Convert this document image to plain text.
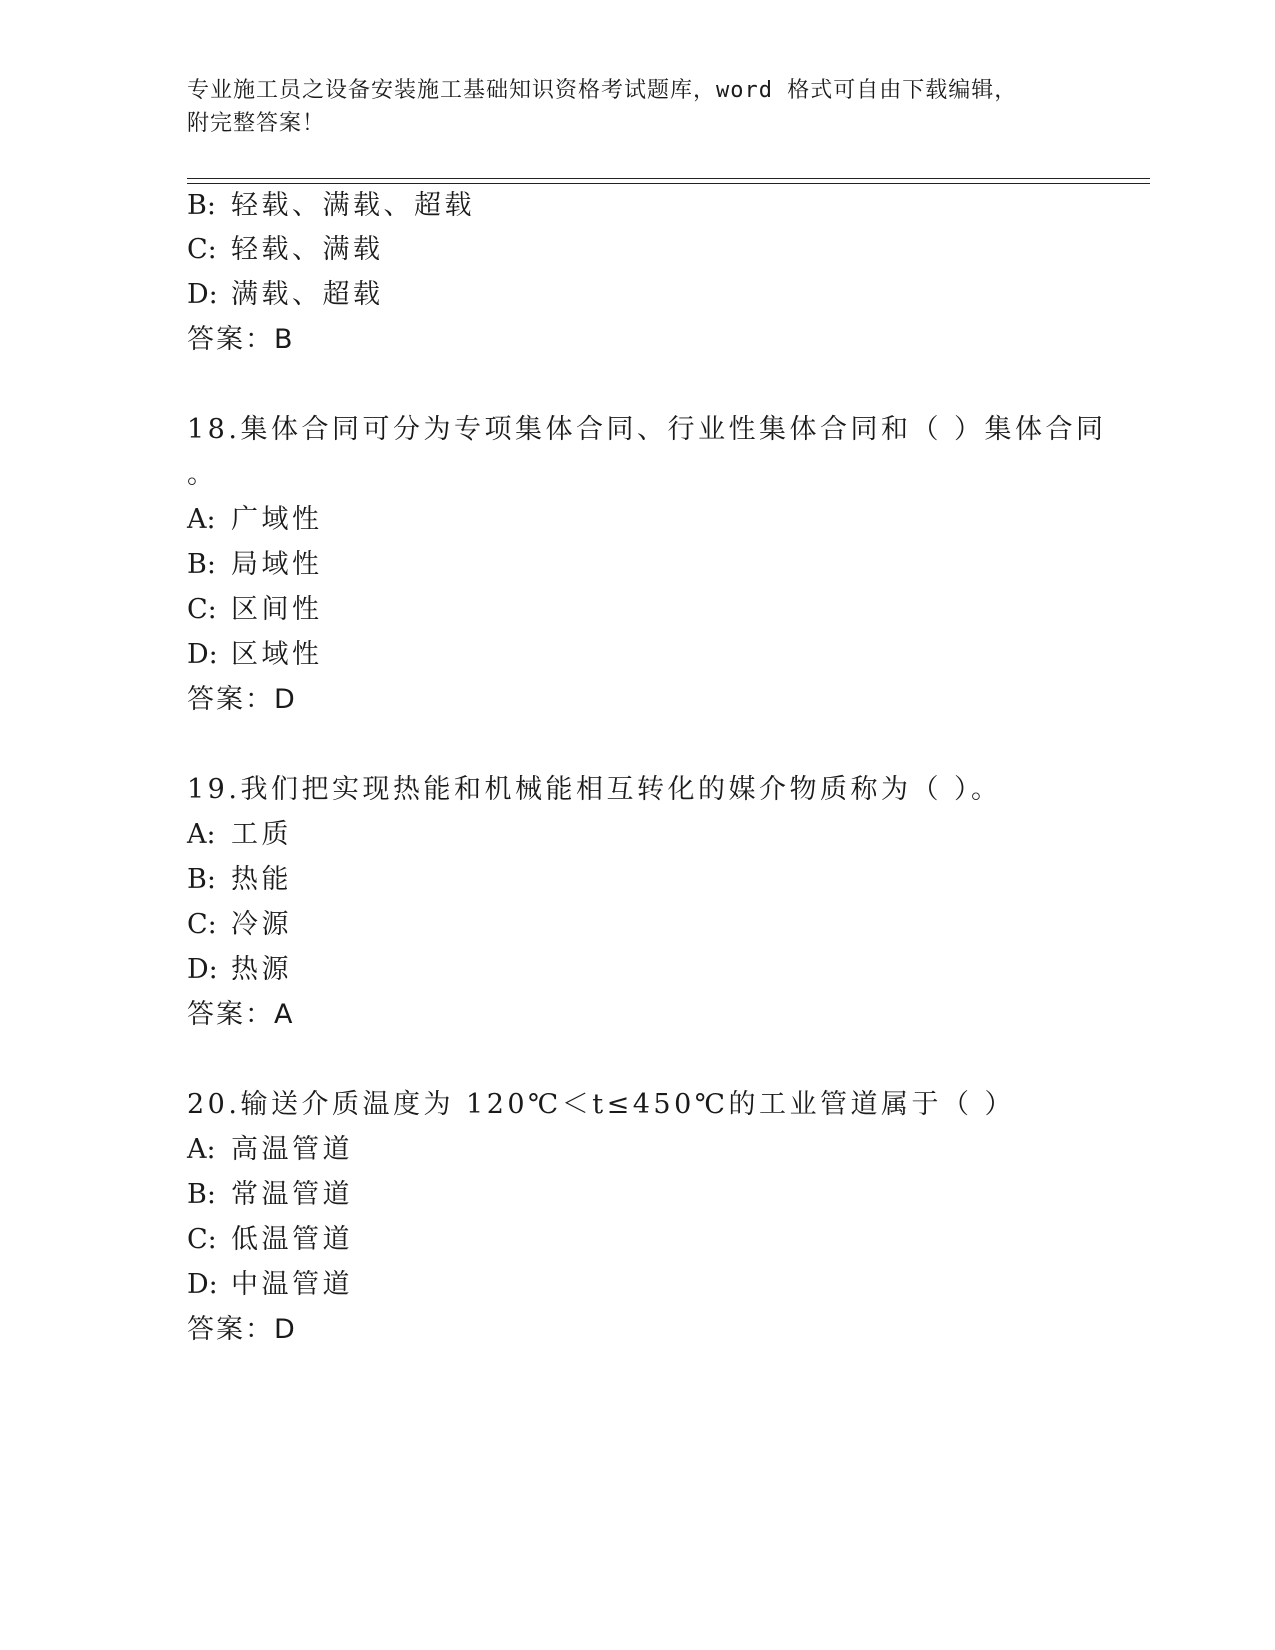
专业施工员之设备安装施工基础知识资格考试题库，word 格式可自由下载编辑，
附完整答案！
B: 轻载、满载、超载
C: 轻载、满载
D: 满载、超载
答案：B
18.集体合同可分为专项集体合同、行业性集体合同和（ ）集体合同
。
A: 广域性
B: 局域性
C: 区间性
D: 区域性
答案：D
19.我们把实现热能和机械能相互转化的媒介物质称为（ ）。
A: 工质
B: 热能
C: 冷源
D: 热源
答案：A
20.输送介质温度为 120℃＜t≤450℃的工业管道属于（ ）
A: 高温管道
B: 常温管道
C: 低温管道
D: 中温管道
答案：D
